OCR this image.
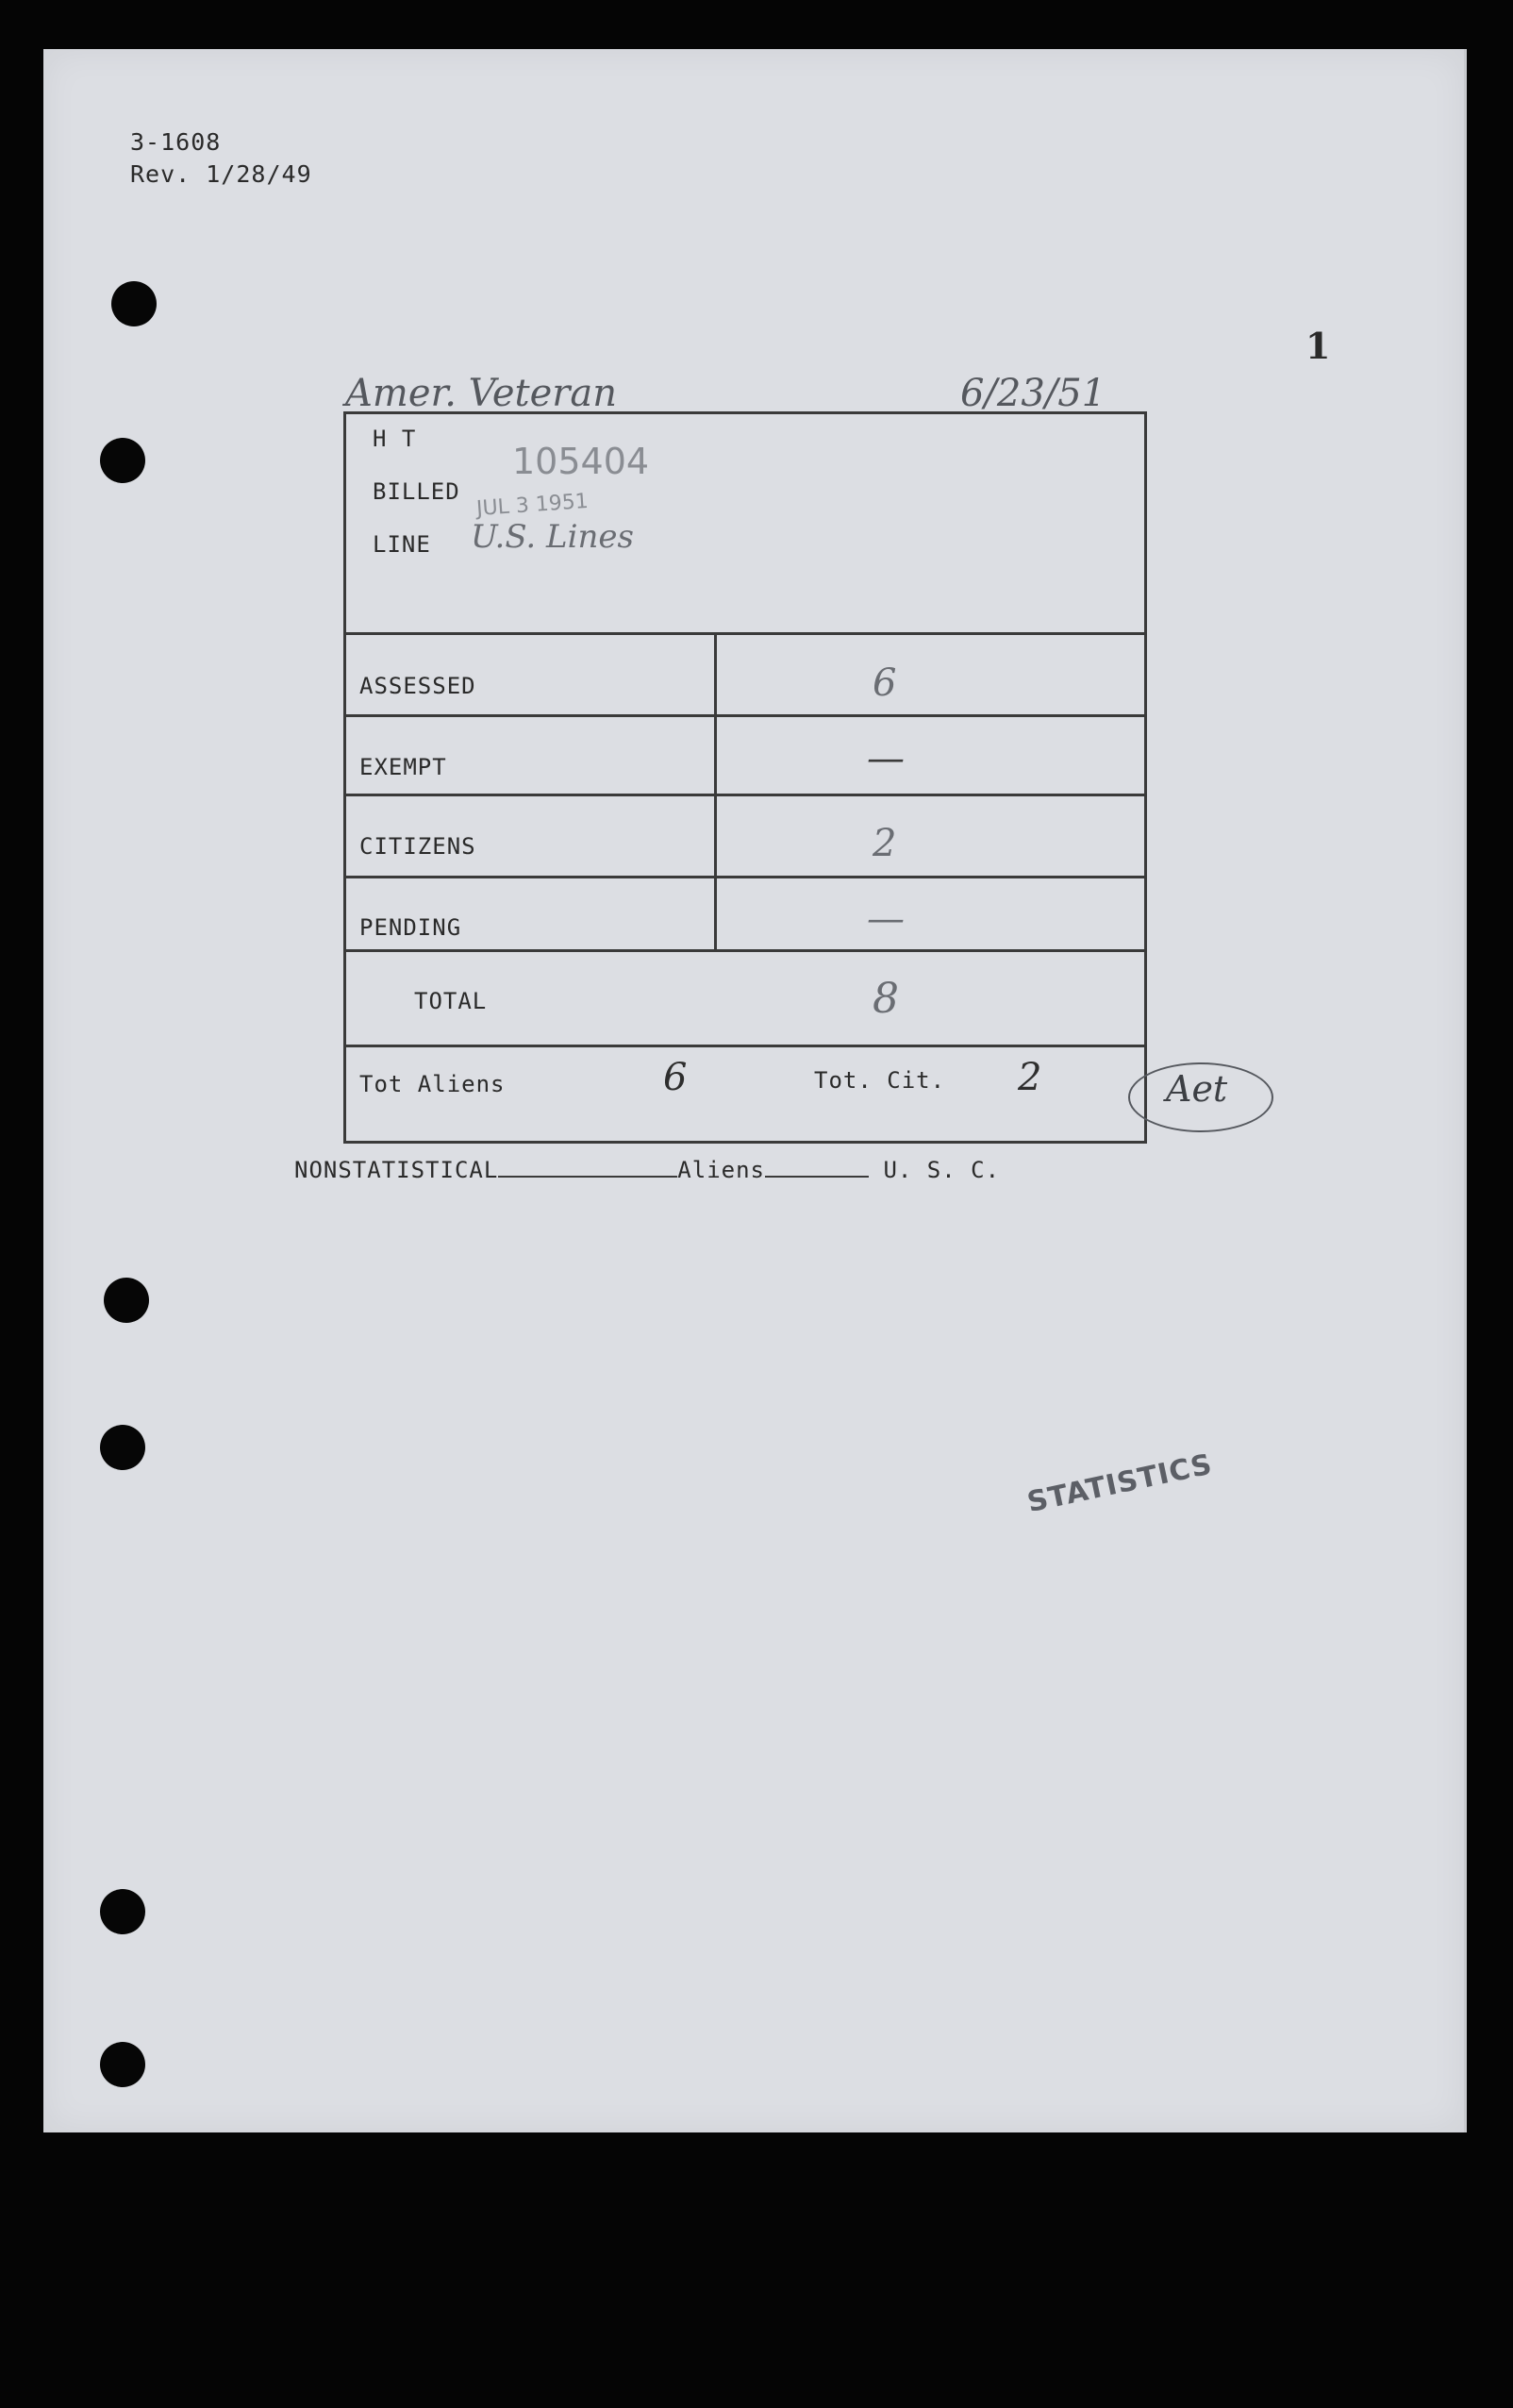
3-1608
Rev. 1/28/49
1
Amer. Veteran	6/23/51
H T
105404
BILLED JUL 3 1951
LINE U.S. Lines
ASSESSED	6
EXEMPT	—
CITIZENS	2
PENDING	—
TOTAL	8
Tot Aliens	6	Tot. Cit. 2	Aet
NONSTATISTICAL	Aliens	U. S. C.
STATISTICS
